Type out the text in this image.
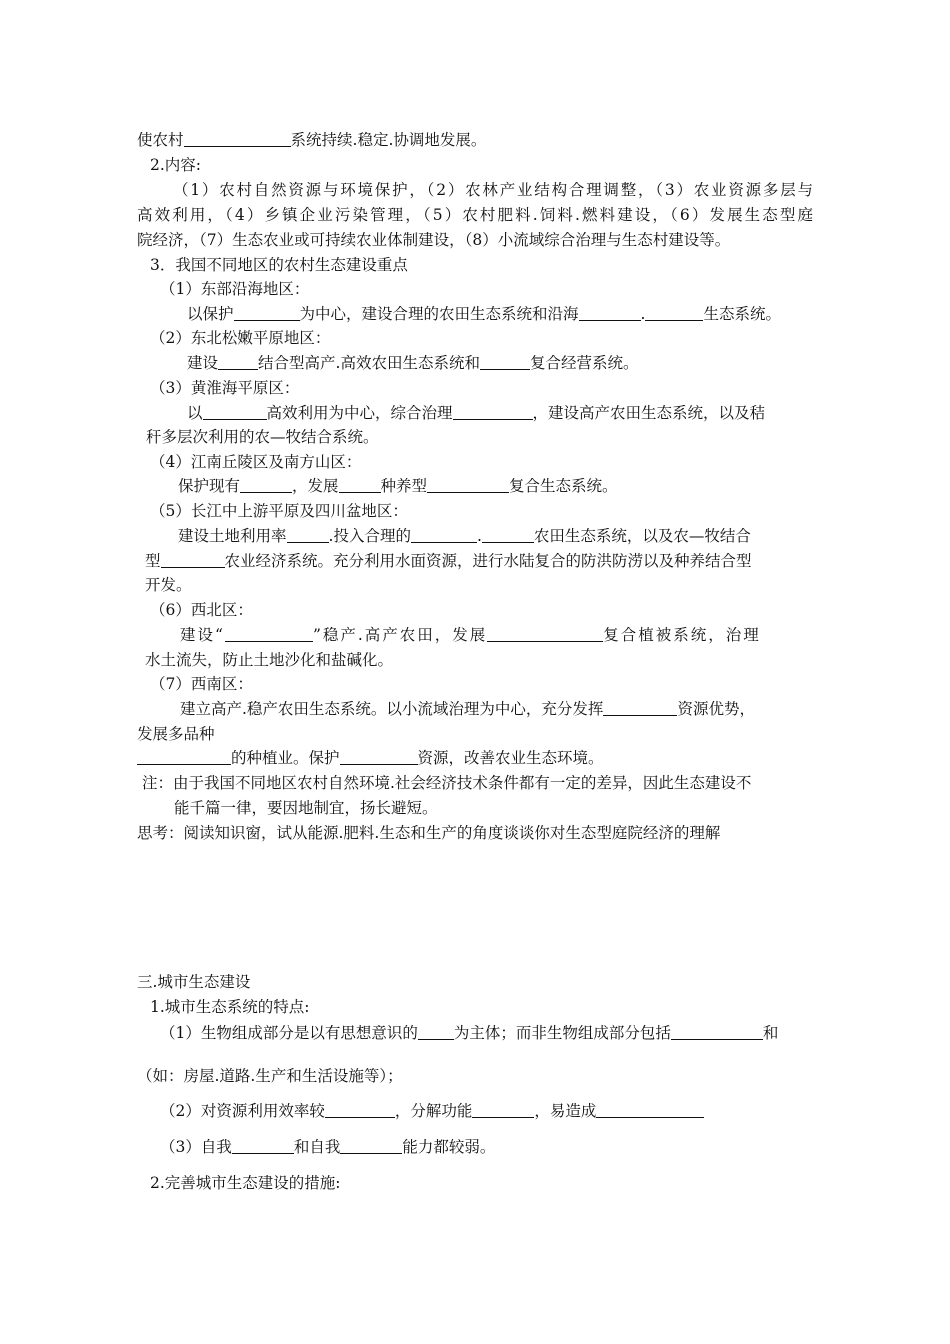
使农村	系统持续.稳定.协调地发展。
2.内容:
（1）农村自然资源与环境保护，（2）农林产业结构合理调整，（3）农业资源多层与
高效利用，（4）乡镇企业污染管理，（5）农村肥料.饲料.燃料建设，（6）发展生态型庭
院经济，（7）生态农业或可持续农业体制建设，（8）小流域综合治理与生态村建设等。
3．我国不同地区的农村生态建设重点
（1）东部沿海地区：
以保护	为中心，建设合理的农田生态系统和沿海	.	生态系统。
（2）东北松嫩平原地区：
建设	结合型高产.高效农田生态系统和	复合经营系统。
（3）黄淮海平原区：
以	高效利用为中心，综合治理	，建设高产农田生态系统，以及秸
秆多层次利用的农—牧结合系统。
（4）江南丘陵区及南方山区：
保护现有	，发展	种养型	复合生态系统。
（5）长江中上游平原及四川盆地区：
建设土地利用率	.投入合理的	.	农田生态系统，以及农—牧结合
型	农业经济系统。充分利用水面资源，进行水陆复合的防洪防涝以及种养结合型
开发。
（6）西北区：
建设“	”稳产.高产农田，发展	复合植被系统，治理
水土流失，防止土地沙化和盐碱化。
（7）西南区：
建立高产.稳产农田生态系统。以小流域治理为中心，充分发挥	资源优势，
发展多品种
的种植业。保护	资源，改善农业生态环境。
注：由于我国不同地区农村自然环境.社会经济技术条件都有一定的差异，因此生态建设不
能千篇一律，要因地制宜，扬长避短。
思考：阅读知识窗，试从能源.肥料.生态和生产的角度谈谈你对生态型庭院经济的理解
三.城市生态建设
1.城市生态系统的特点:
（1）生物组成部分是以有思想意识的 为主体；而非生物组成部分包括	和
（如：房屋.道路.生产和生活设施等）；
（2）对资源利用效率较	，分解功能	，易造成
（3）自我	和自我	能力都较弱。
2.完善城市生态建设的措施:
